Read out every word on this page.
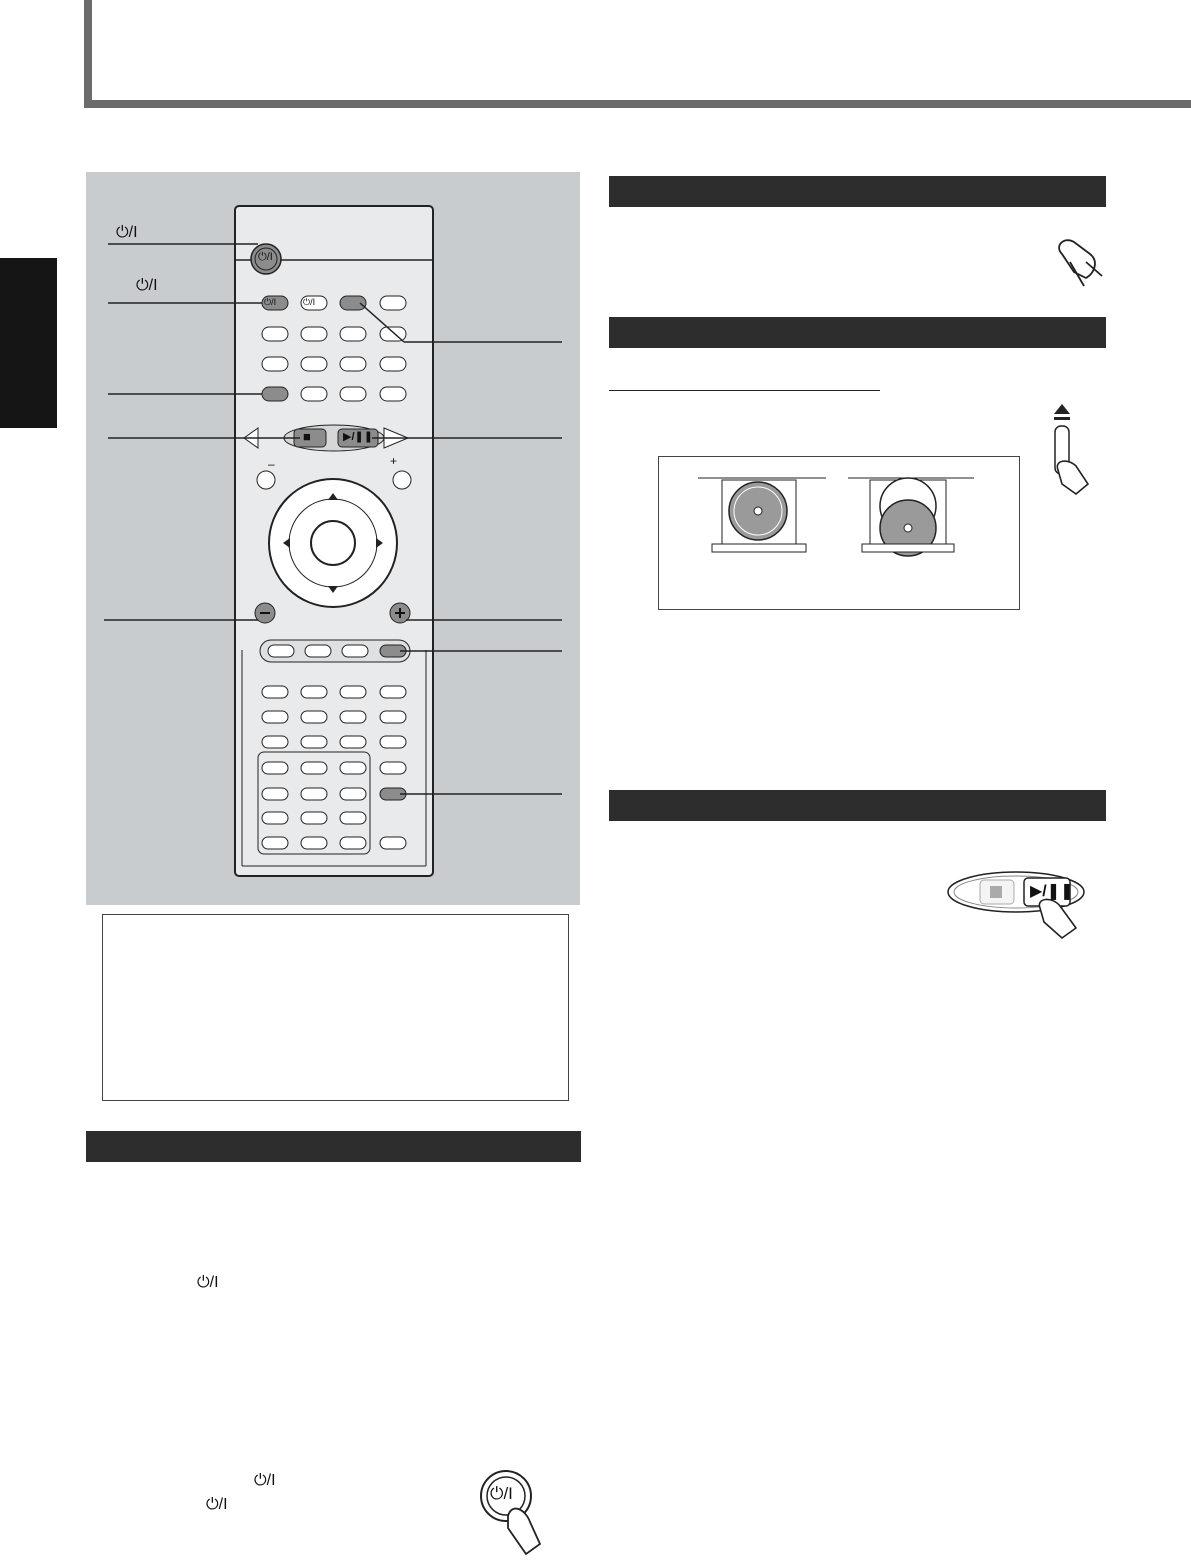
⏻/I
⏻/I
⏻/I
⏻/I	⏻/I
■	▶/❚❚
–	+
⏻/I
⏻/I
⏻/I
⏻/I
▶/❚❚
